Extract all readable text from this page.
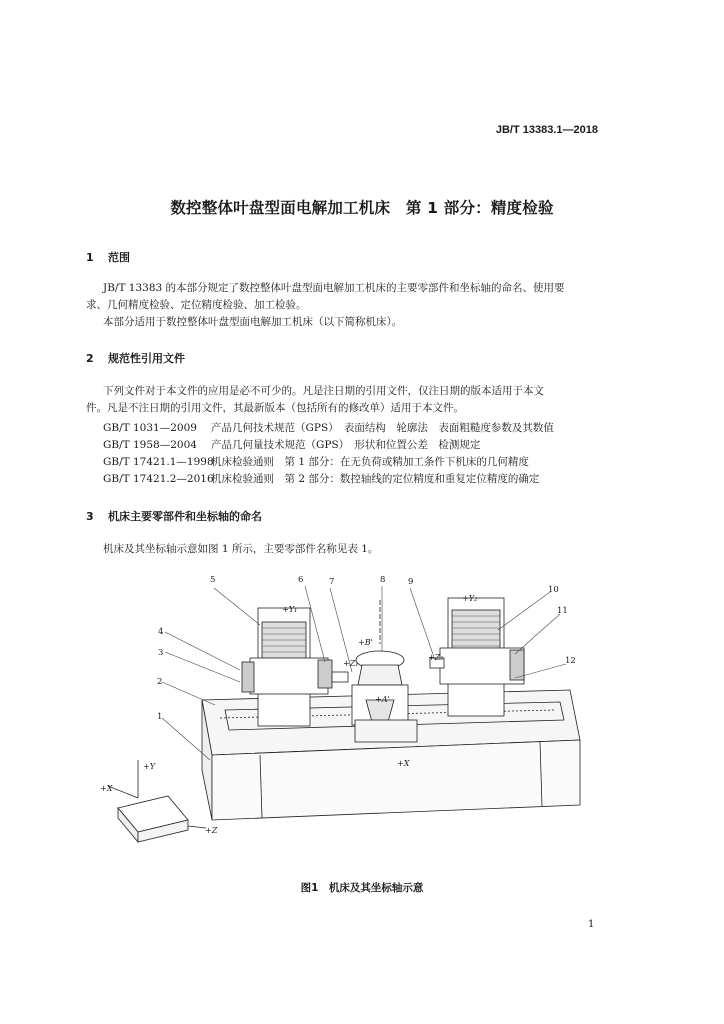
JB/T 13383.1—2018
数控整体叶盘型面电解加工机床　第 1 部分：精度检验
1 范围
JB/T 13383 的本部分规定了数控整体叶盘型面电解加工机床的主要零部件和坐标轴的命名、使用要
求、几何精度检验、定位精度检验、加工检验。
本部分适用于数控整体叶盘型面电解加工机床（以下简称机床）。
2 规范性引用文件
下列文件对于本文件的应用是必不可少的。凡是注日期的引用文件，仅注日期的版本适用于本文
件。凡是不注日期的引用文件，其最新版本（包括所有的修改单）适用于本文件。
GB/T 1031—2009 产品几何技术规范（GPS）　表面结构　轮廓法　表面粗糙度参数及其数值
GB/T 1958—2004 产品几何量技术规范（GPS）　形状和位置公差　检测规定
GB/T 17421.1—1998机床检验通则　第 1 部分：在无负荷或精加工条件下机床的几何精度
GB/T 17421.2—2016机床检验通则　第 2 部分：数控轴线的定位精度和重复定位精度的确定
3 机床主要零部件和坐标轴的命名
机床及其坐标轴示意如图 1 所示，主要零部件名称见表 1。
5	6	7	8	9
10
11
12
4
3
2
1
+Y₁
+Y₂
+Z₁
+Z₂
+B'
+A'
+X
+Y
+X
+Z
图1　机床及其坐标轴示意
1
